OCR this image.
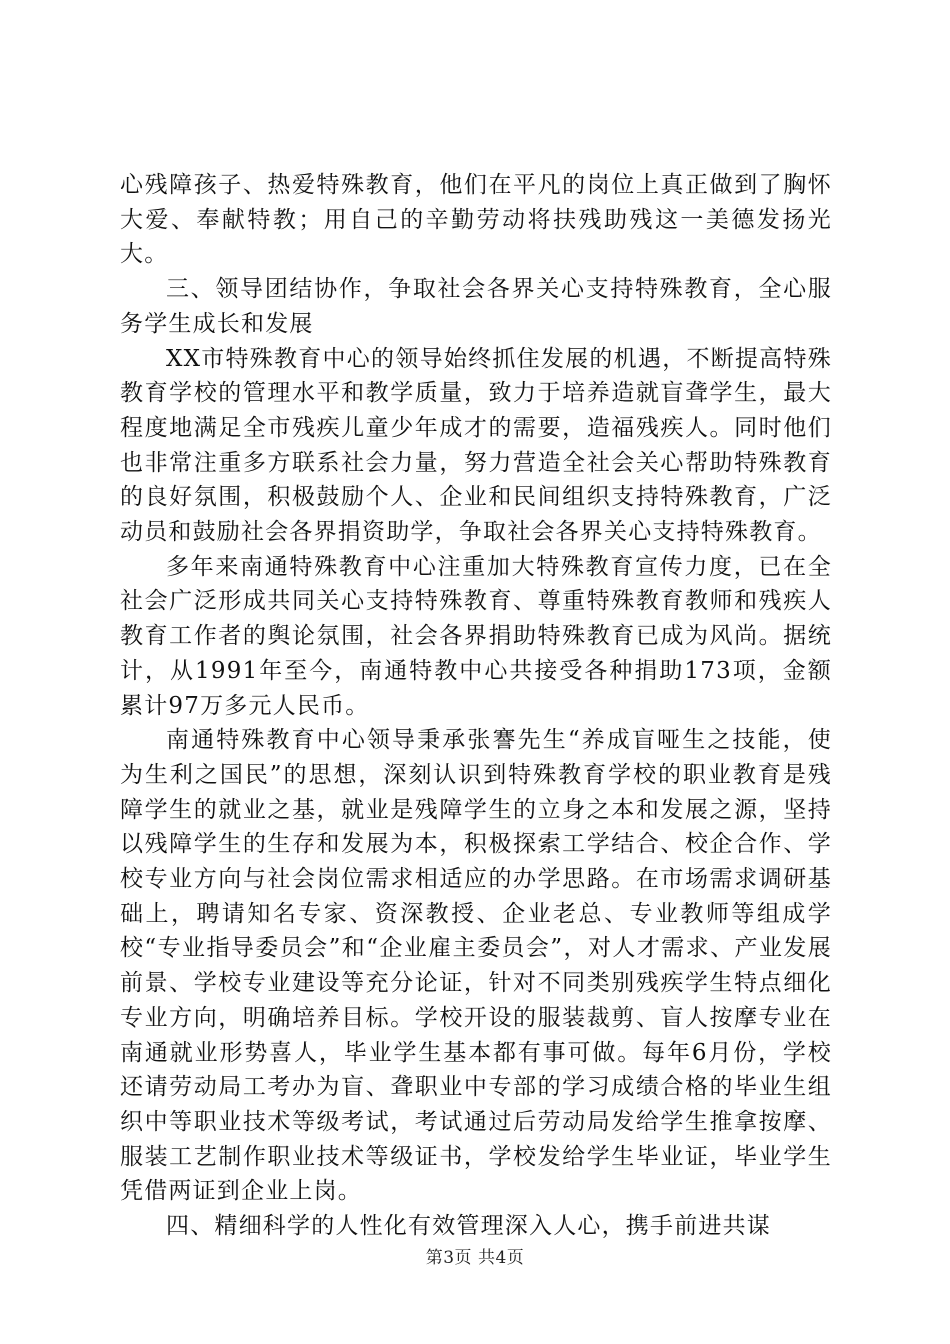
心残障孩子、热爱特殊教育，他们在平凡的岗位上真正做到了胸怀大爱、奉献特教；用自己的辛勤劳动将扶残助残这一美德发扬光大。

三、领导团结协作，争取社会各界关心支持特殊教育，全心服务学生成长和发展

XX市特殊教育中心的领导始终抓住发展的机遇，不断提高特殊教育学校的管理水平和教学质量，致力于培养造就盲聋学生，最大程度地满足全市残疾儿童少年成才的需要，造福残疾人。同时他们也非常注重多方联系社会力量，努力营造全社会关心帮助特殊教育的良好氛围，积极鼓励个人、企业和民间组织支持特殊教育，广泛动员和鼓励社会各界捐资助学，争取社会各界关心支持特殊教育。

多年来南通特殊教育中心注重加大特殊教育宣传力度，已在全社会广泛形成共同关心支持特殊教育、尊重特殊教育教师和残疾人教育工作者的舆论氛围，社会各界捐助特殊教育已成为风尚。据统计，从1991年至今，南通特教中心共接受各种捐助173项，金额累计97万多元人民币。

南通特殊教育中心领导秉承张謇先生“养成盲哑生之技能，使为生利之国民”的思想，深刻认识到特殊教育学校的职业教育是残障学生的就业之基，就业是残障学生的立身之本和发展之源，坚持以残障学生的生存和发展为本，积极探索工学结合、校企合作、学校专业方向与社会岗位需求相适应的办学思路。在市场需求调研基础上，聘请知名专家、资深教授、企业老总、专业教师等组成学校“专业指导委员会”和“企业雇主委员会”，对人才需求、产业发展前景、学校专业建设等充分论证，针对不同类别残疾学生特点细化专业方向，明确培养目标。学校开设的服装裁剪、盲人按摩专业在南通就业形势喜人，毕业学生基本都有事可做。每年6月份，学校还请劳动局工考办为盲、聋职业中专部的学习成绩合格的毕业生组织中等职业技术等级考试，考试通过后劳动局发给学生推拿按摩、服装工艺制作职业技术等级证书，学校发给学生毕业证，毕业学生凭借两证到企业上岗。

四、精细科学的人性化有效管理深入人心，携手前进共谋

第3页 共4页
